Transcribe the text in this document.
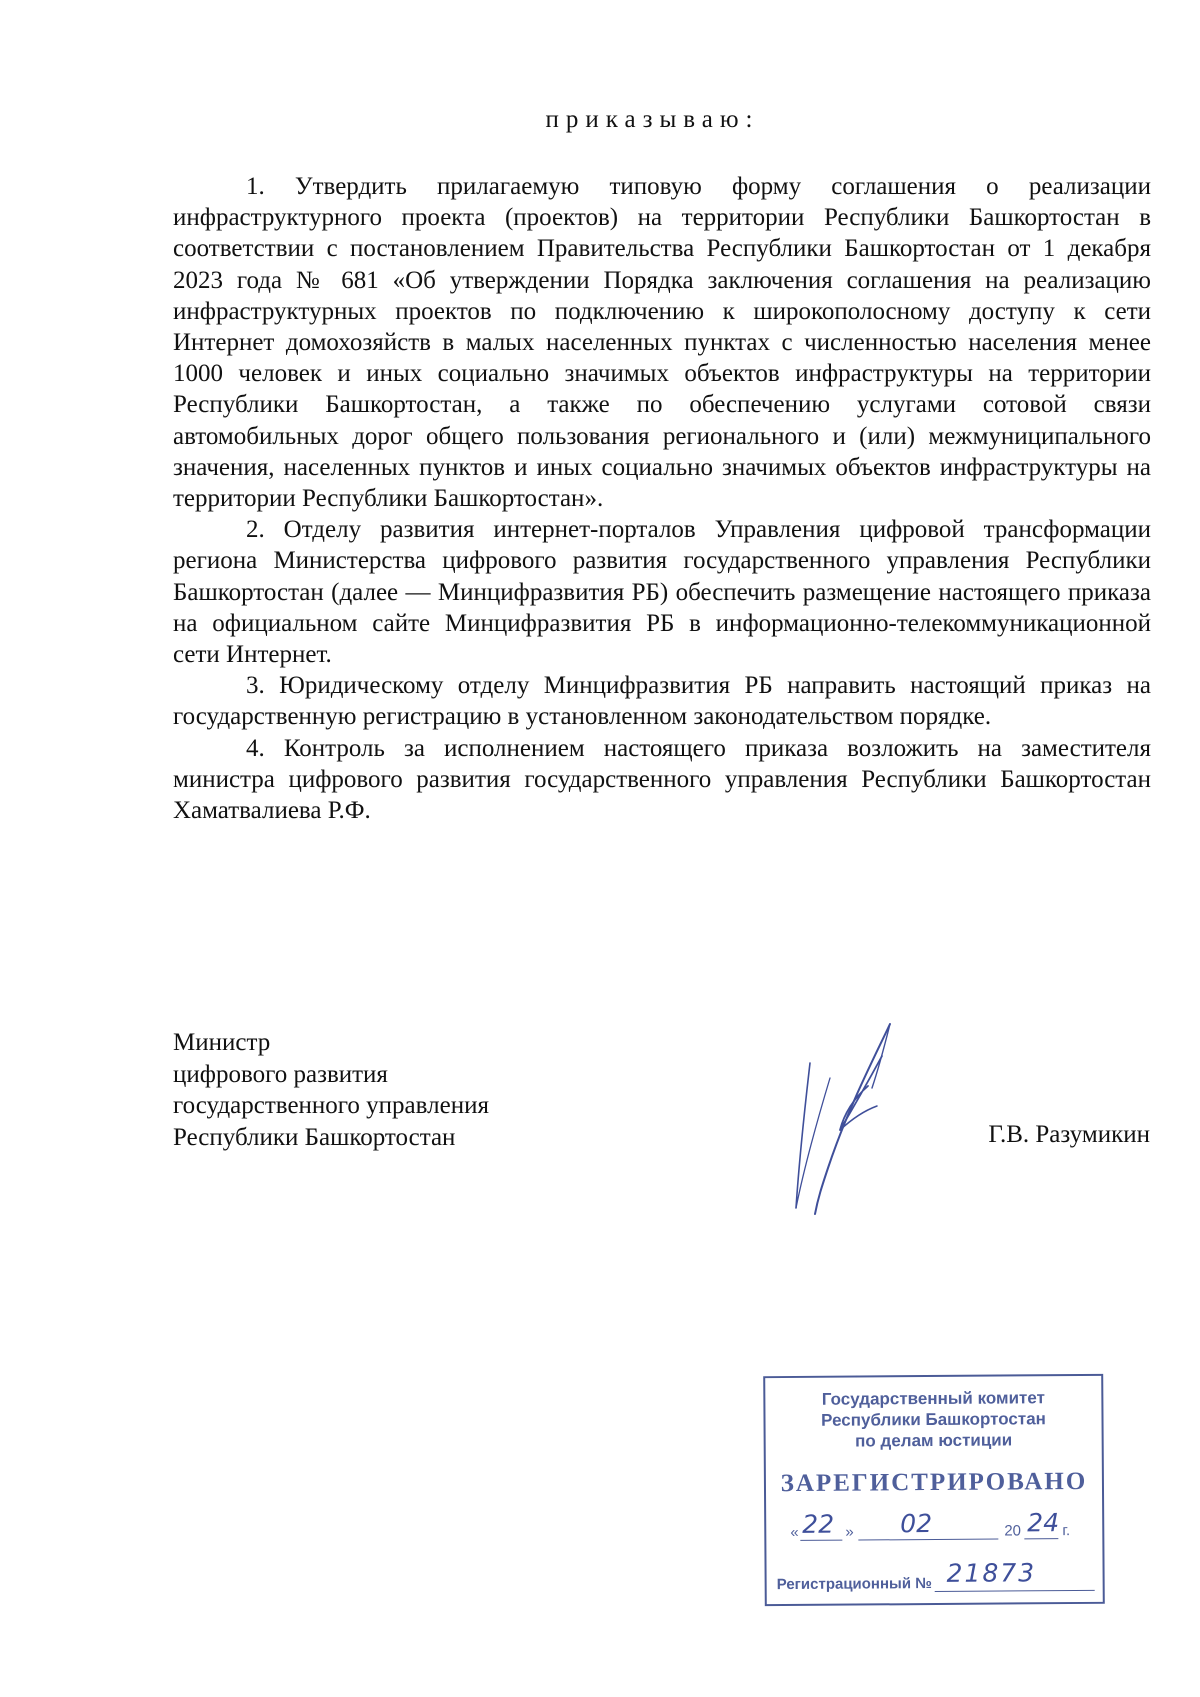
приказываю:

1. Утвердить прилагаемую типовую форму соглашения о реализации инфраструктурного проекта (проектов) на территории Республики Башкортостан в соответствии с постановлением Правительства Республики Башкортостан от 1 декабря 2023 года № 681 «Об утверждении Порядка заключения соглашения на реализацию инфраструктурных проектов по подключению к широкополосному доступу к сети Интернет домохозяйств в малых населенных пунктах с численностью населения менее 1000 человек и иных социально значимых объектов инфраструктуры на территории Республики Башкортостан, а также по обеспечению услугами сотовой связи автомобильных дорог общего пользования регионального и (или) межмуниципального значения, населенных пунктов и иных социально значимых объектов инфраструктуры на территории Республики Башкортостан».

2. Отделу развития интернет-порталов Управления цифровой трансформации региона Министерства цифрового развития государственного управления Республики Башкортостан (далее — Минцифразвития РБ) обеспечить размещение настоящего приказа на официальном сайте Минцифразвития РБ в информационно-телекоммуникационной сети Интернет.

3. Юридическому отделу Минцифразвития РБ направить настоящий приказ на государственную регистрацию в установленном законодательством порядке.

4. Контроль за исполнением настоящего приказа возложить на заместителя министра цифрового развития государственного управления Республики Башкортостан Хаматвалиева Р.Ф.

Министр
цифрового развития
государственного управления
Республики Башкортостан	Г.В. Разумикин
Государственный комитет
Республики Башкортостан
по делам юстиции
ЗАРЕГИСТРИРОВАНО
« 22 » 02	20 24 г.
Регистрационный № 21873
